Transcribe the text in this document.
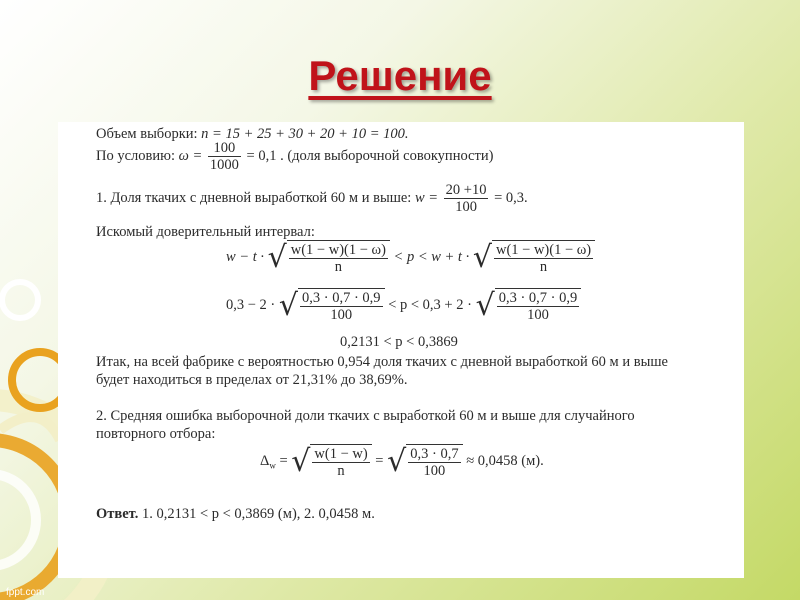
Решение
Объем выборки: n = 15 + 25 + 30 + 20 + 10 = 100.
По условию: $\omega = \frac{100}{1000} = 0,1$ . (доля выборочной совокупности)
1. Доля ткачих с дневной выработкой 60 м и выше: $w = \frac{20 +10}{100} = 0,3$.
Искомый доверительный интервал:
w − t · √ $\frac{w(1 - w)(1 - \omega)}{n} < p < w + t$ · √ $\frac{w(1 - w)(1 - \omega)}{n}$
0,3 − 2 · √ $\frac{0,3 \cdot 0,7 \cdot 0,9}{100} < p < 0,3 + 2$ · √ $\frac{0,3 \cdot 0,7 \cdot 0,9}{100}$
0,2131 < p < 0,3869
Итак, на всей фабрике с вероятностью 0,954 доля ткачих с дневной выработкой 60 м и выше
будет находиться в пределах от 21,31% до 38,69%.
2. Средняя ошибка выборочной доли ткачих с выработкой 60 м и выше для случайного
повторного отбора:
$\Delta_w$ = √ $\frac{w(1 - w)}{n}$ = √ $\frac{0,3 \cdot 0,7}{100} \approx 0,0458$ (м).
Ответ. 1. 0,2131 < p < 0,3869 (м), 2. 0,0458 м.
fppt.com
